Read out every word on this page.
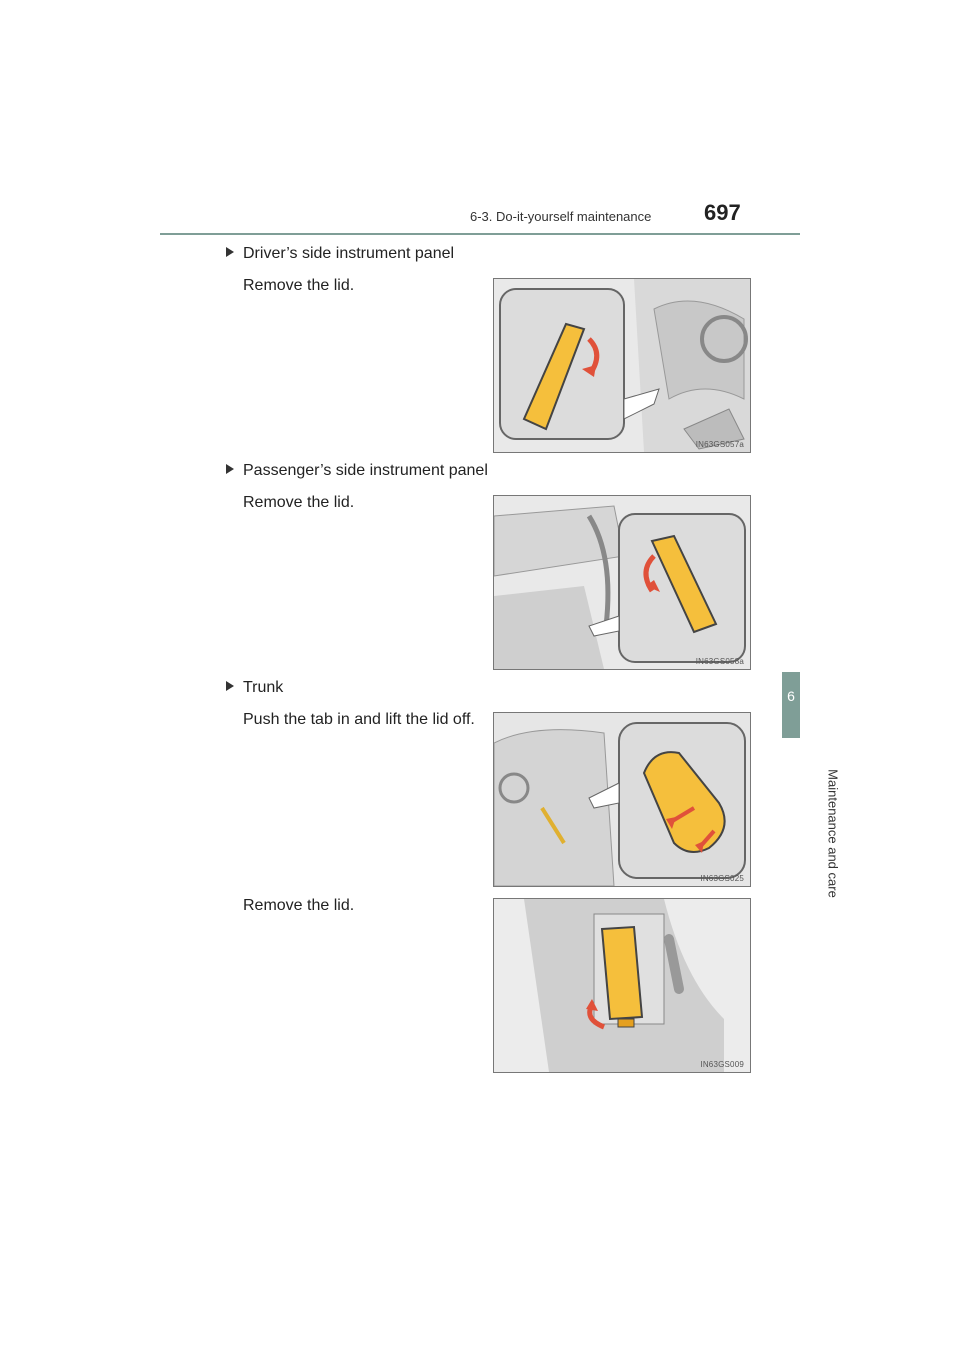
6-3. Do-it-yourself maintenance 697
6
Maintenance and care
Driver’s side instrument panel
Remove the lid.
IN63GS057a
Passenger’s side instrument panel
Remove the lid.
IN63GS058a
Trunk
Push the tab in and lift the lid off.
IN63GS025
Remove the lid.
IN63GS009
